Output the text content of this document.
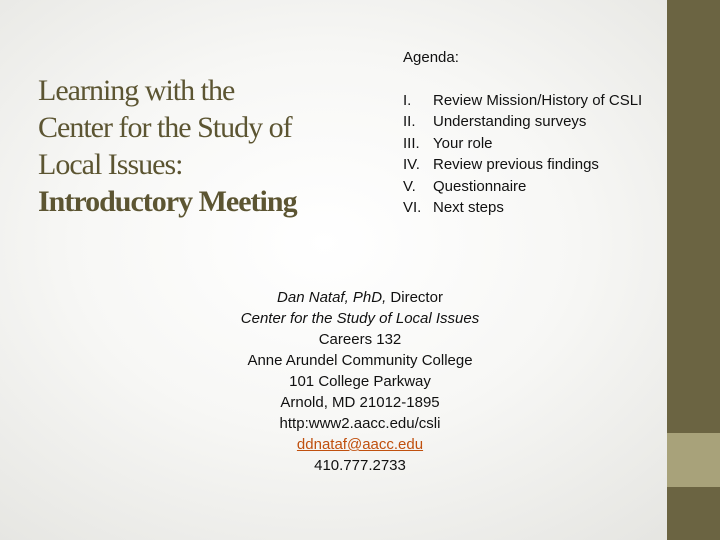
Learning with the
Center for the Study of
Local Issues:
Introductory Meeting
Agenda:
I.	Review Mission/History of CSLI
II.	Understanding surveys
III. Your role
IV. Review previous findings
V.	Questionnaire
VI. Next steps
Dan Nataf, PhD, Director
Center for the Study of Local Issues
Careers 132
Anne Arundel Community College
101 College Parkway
Arnold, MD 21012-1895
http:www2.aacc.edu/csli
ddnataf@aacc.edu
410.777.2733
